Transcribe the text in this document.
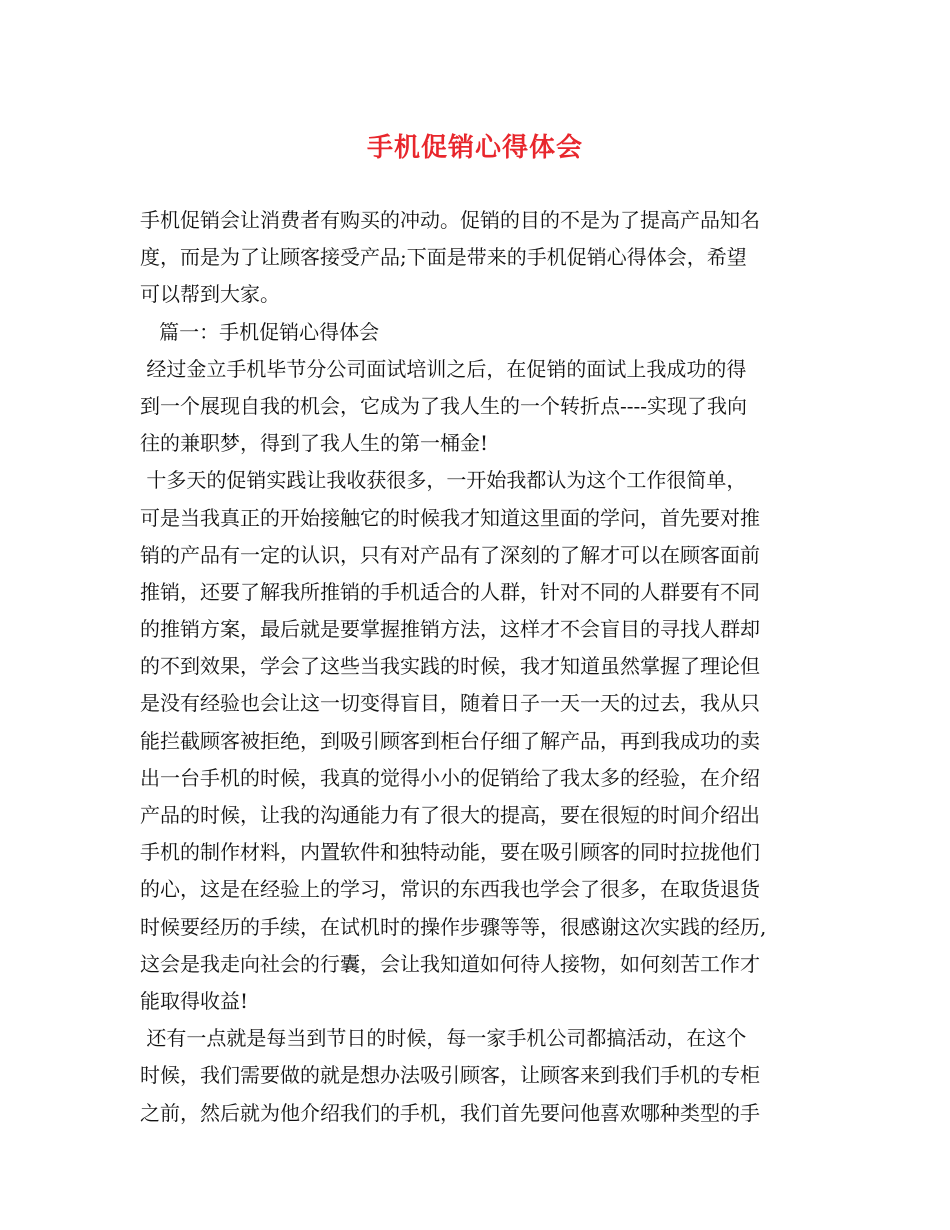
手机促销心得体会
手机促销会让消费者有购买的冲动。促销的目的不是为了提高产品知名
度，而是为了让顾客接受产品;下面是带来的手机促销心得体会，希望
可以帮到大家。
篇一：手机促销心得体会
经过金立手机毕节分公司面试培训之后，在促销的面试上我成功的得
到一个展现自我的机会，它成为了我人生的一个转折点----实现了我向
往的兼职梦，得到了我人生的第一桶金!
十多天的促销实践让我收获很多，一开始我都认为这个工作很简单，
可是当我真正的开始接触它的时候我才知道这里面的学问，首先要对推
销的产品有一定的认识，只有对产品有了深刻的了解才可以在顾客面前
推销，还要了解我所推销的手机适合的人群，针对不同的人群要有不同
的推销方案，最后就是要掌握推销方法，这样才不会盲目的寻找人群却
的不到效果，学会了这些当我实践的时候，我才知道虽然掌握了理论但
是没有经验也会让这一切变得盲目，随着日子一天一天的过去，我从只
能拦截顾客被拒绝，到吸引顾客到柜台仔细了解产品，再到我成功的卖
出一台手机的时候，我真的觉得小小的促销给了我太多的经验，在介绍
产品的时候，让我的沟通能力有了很大的提高，要在很短的时间介绍出
手机的制作材料，内置软件和独特动能，要在吸引顾客的同时拉拢他们
的心，这是在经验上的学习，常识的东西我也学会了很多，在取货退货
时候要经历的手续，在试机时的操作步骤等等，很感谢这次实践的经历,
这会是我走向社会的行囊，会让我知道如何待人接物，如何刻苦工作才
能取得收益!
还有一点就是每当到节日的时候，每一家手机公司都搞活动，在这个
时候，我们需要做的就是想办法吸引顾客，让顾客来到我们手机的专柜
之前，然后就为他介绍我们的手机，我们首先要问他喜欢哪种类型的手
